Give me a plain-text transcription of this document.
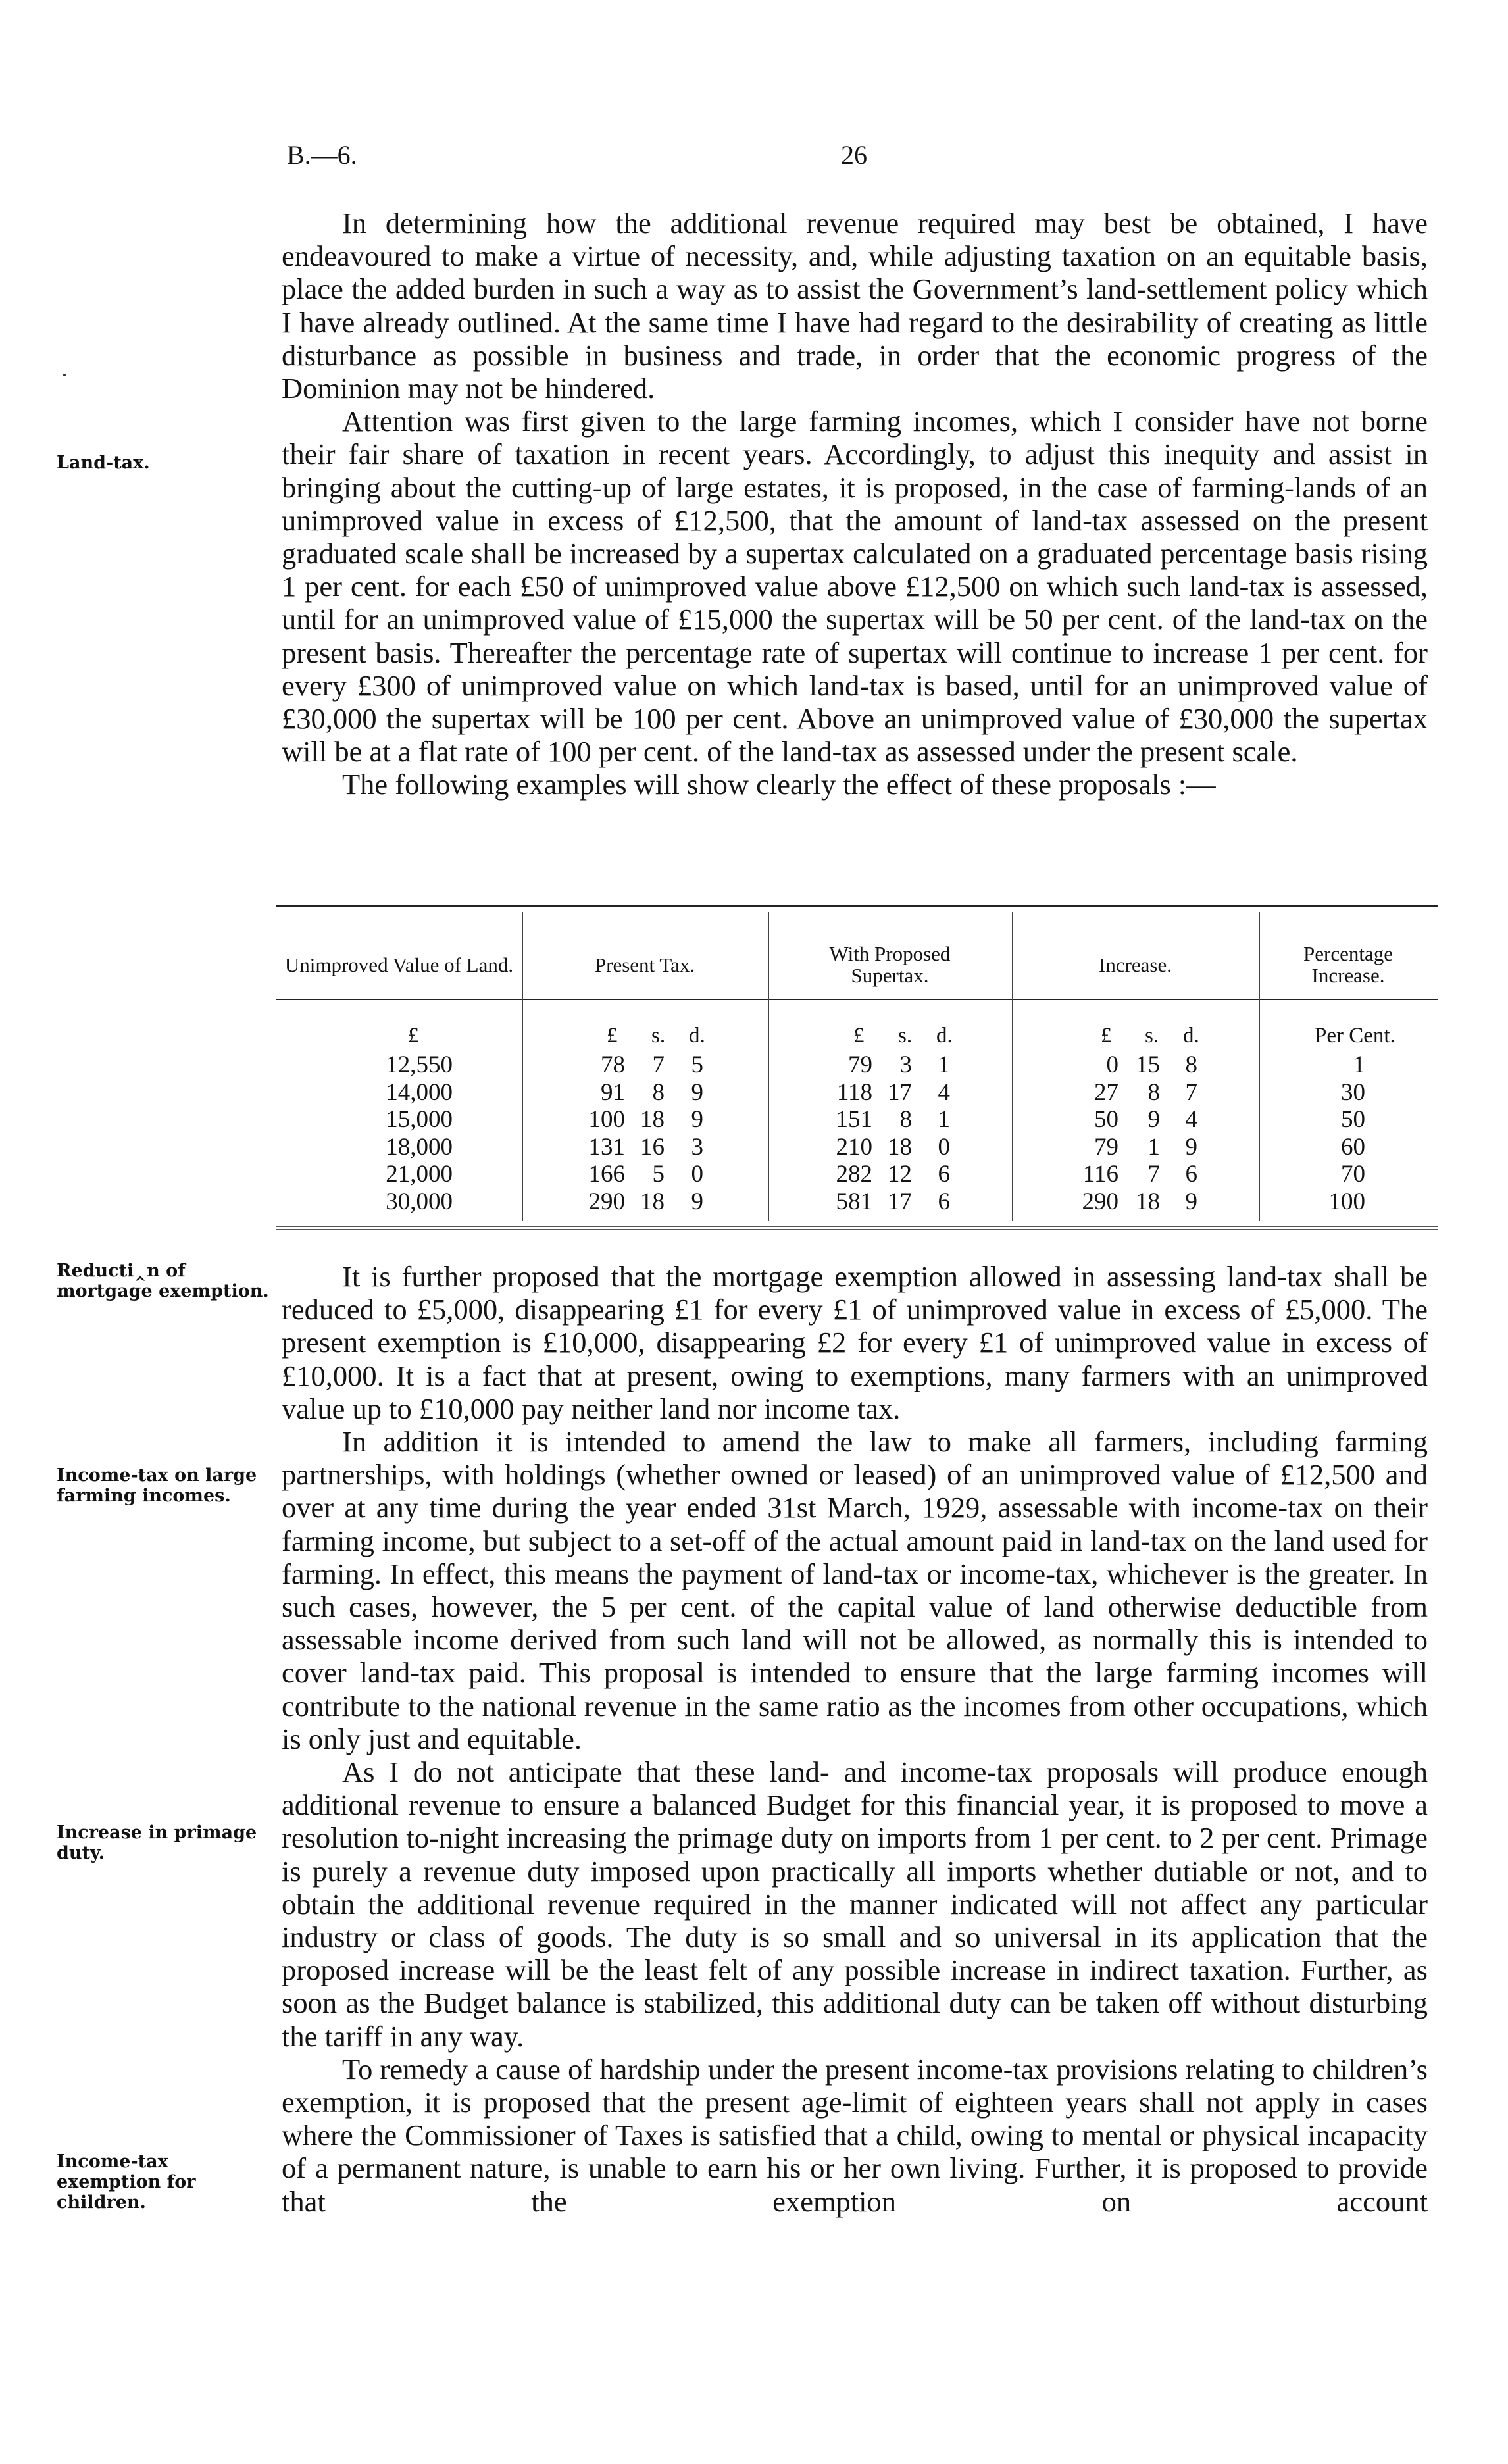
B.—6.	26
Land-tax.
Reducti‸n of mortgage exemption.
Income-tax on large farming incomes.
Increase in primage duty.
Income-tax exemption for children.

In determining how the additional revenue required may best be obtained, I have endeavoured to make a virtue of necessity, and, while adjusting taxation on an equitable basis, place the added burden in such a way as to assist the Government’s land-settlement policy which I have already outlined. At the same time I have had regard to the desirability of creating as little disturbance as possible in business and trade, in order that the economic progress of the Dominion may not be hindered.

Attention was first given to the large farming incomes, which I consider have not borne their fair share of taxation in recent years. Accordingly, to adjust this inequity and assist in bringing about the cutting-up of large estates, it is proposed, in the case of farming-lands of an unimproved value in excess of £12,500, that the amount of land-tax assessed on the present graduated scale shall be increased by a supertax calculated on a graduated percentage basis rising 1 per cent. for each £50 of unimproved value above £12,500 on which such land-tax is assessed, until for an unimproved value of £15,000 the supertax will be 50 per cent. of the land-tax on the present basis. Thereafter the percentage rate of supertax will continue to increase 1 per cent. for every £300 of unimproved value on which land-tax is based, until for an unimproved value of £30,000 the supertax will be 100 per cent. Above an unimproved value of £30,000 the supertax will be at a flat rate of 100 per cent. of the land-tax as assessed under the present scale.

The following examples will show clearly the effect of these proposals :—

Unimproved Value of Land.	Present Tax.	With Proposed Supertax.	Increase.	Percentage Increase.
£	£ s. d.	£ s. d.	£ s. d.	Per Cent.
12,550	78 7 5	79 3 1	0 15 8	1
14,000	91 8 9	118 17 4	27 8 7	30
15,000	100 18 9	151 8 1	50 9 4	50
18,000	131 16 3	210 18 0	79 1 9	60
21,000	166 5 0	282 12 6	116 7 6	70
30,000	290 18 9	581 17 6	290 18 9	100

It is further proposed that the mortgage exemption allowed in assessing land-tax shall be reduced to £5,000, disappearing £1 for every £1 of unimproved value in excess of £5,000. The present exemption is £10,000, disappearing £2 for every £1 of unimproved value in excess of £10,000. It is a fact that at present, owing to exemptions, many farmers with an unimproved value up to £10,000 pay neither land nor income tax.

In addition it is intended to amend the law to make all farmers, including farming partnerships, with holdings (whether owned or leased) of an unimproved value of £12,500 and over at any time during the year ended 31st March, 1929, assessable with income-tax on their farming income, but subject to a set-off of the actual amount paid in land-tax on the land used for farming. In effect, this means the payment of land-tax or income-tax, whichever is the greater. In such cases, however, the 5 per cent. of the capital value of land otherwise deductible from assessable income derived from such land will not be allowed, as normally this is intended to cover land-tax paid. This proposal is intended to ensure that the large farming incomes will contribute to the national revenue in the same ratio as the incomes from other occupations, which is only just and equitable.

As I do not anticipate that these land- and income-tax proposals will produce enough additional revenue to ensure a balanced Budget for this financial year, it is proposed to move a resolution to-night increasing the primage duty on imports from 1 per cent. to 2 per cent. Primage is purely a revenue duty imposed upon practically all imports whether dutiable or not, and to obtain the additional revenue required in the manner indicated will not affect any particular industry or class of goods. The duty is so small and so universal in its application that the proposed increase will be the least felt of any possible increase in indirect taxation. Further, as soon as the Budget balance is stabilized, this additional duty can be taken off without disturbing the tariff in any way.

To remedy a cause of hardship under the present income-tax provisions relating to children’s exemption, it is proposed that the present age-limit of eighteen years shall not apply in cases where the Commissioner of Taxes is satisfied that a child, owing to mental or physical incapacity of a permanent nature, is unable to earn his or her own living. Further, it is proposed to provide that the exemption on account
